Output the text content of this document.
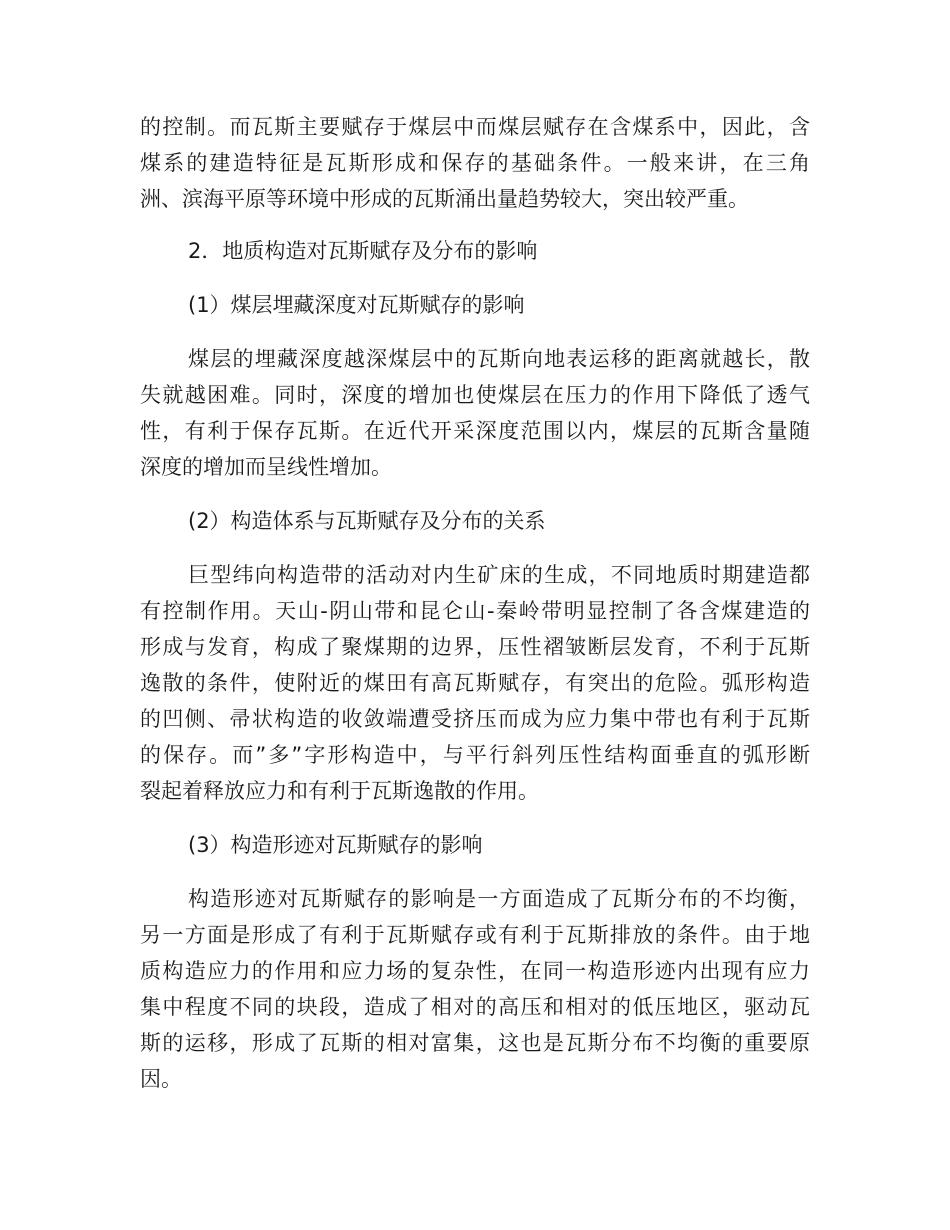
的控制。而瓦斯主要赋存于煤层中而煤层赋存在含煤系中，因此，含
煤系的建造特征是瓦斯形成和保存的基础条件。一般来讲，在三角
洲、滨海平原等环境中形成的瓦斯涌出量趋势较大，突出较严重。
2．地质构造对瓦斯赋存及分布的影响
(1）煤层埋藏深度对瓦斯赋存的影响
煤层的埋藏深度越深煤层中的瓦斯向地表运移的距离就越长，散
失就越困难。同时，深度的增加也使煤层在压力的作用下降低了透气
性，有利于保存瓦斯。在近代开采深度范围以内，煤层的瓦斯含量随
深度的增加而呈线性增加。
(2）构造体系与瓦斯赋存及分布的关系
巨型纬向构造带的活动对内生矿床的生成，不同地质时期建造都
有控制作用。天山-阴山带和昆仑山-秦岭带明显控制了各含煤建造的
形成与发育，构成了聚煤期的边界，压性褶皱断层发育，不利于瓦斯
逸散的条件，使附近的煤田有高瓦斯赋存，有突出的危险。弧形构造
的凹侧、帚状构造的收敛端遭受挤压而成为应力集中带也有利于瓦斯
的保存。而”多”字形构造中，与平行斜列压性结构面垂直的弧形断
裂起着释放应力和有利于瓦斯逸散的作用。
(3）构造形迹对瓦斯赋存的影响
构造形迹对瓦斯赋存的影响是一方面造成了瓦斯分布的不均衡，
另一方面是形成了有利于瓦斯赋存或有利于瓦斯排放的条件。由于地
质构造应力的作用和应力场的复杂性，在同一构造形迹内出现有应力
集中程度不同的块段，造成了相对的高压和相对的低压地区，驱动瓦
斯的运移，形成了瓦斯的相对富集，这也是瓦斯分布不均衡的重要原
因。
